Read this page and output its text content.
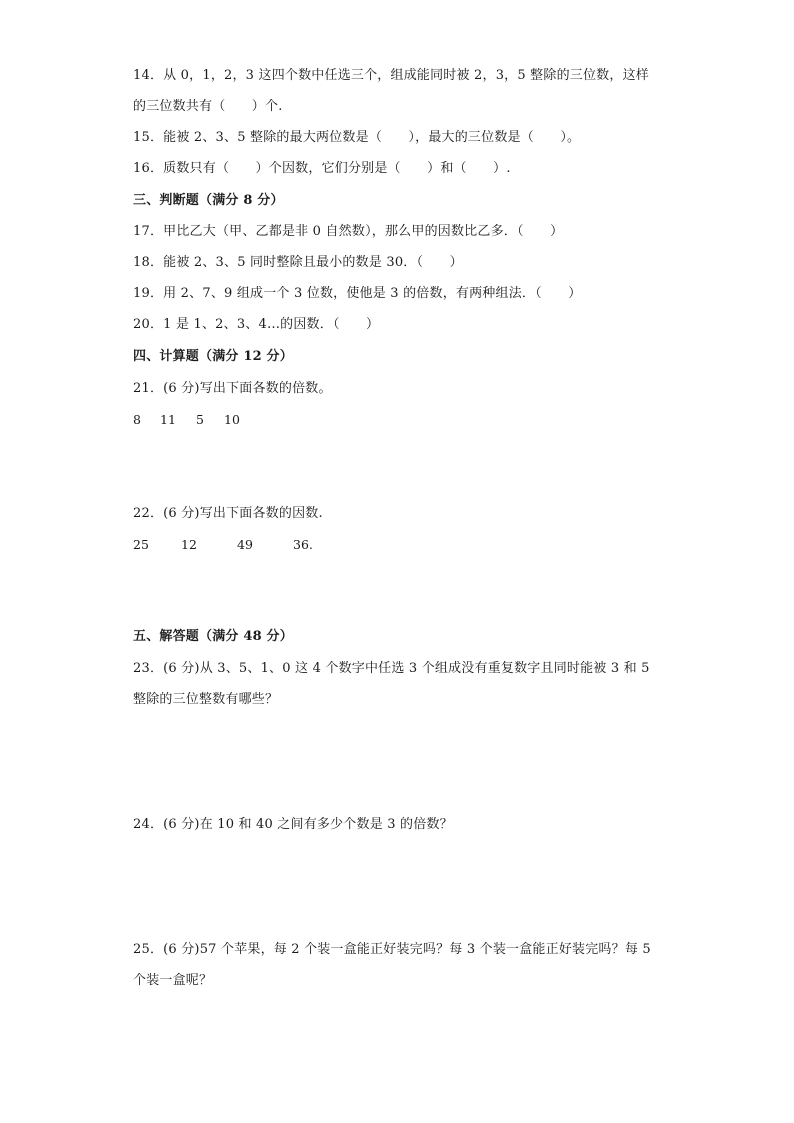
14．从 0，1，2，3 这四个数中任选三个，组成能同时被 2，3，5 整除的三位数，这样
的三位数共有（　　）个.
15．能被 2、3、5 整除的最大两位数是（　　），最大的三位数是（　　）。
16．质数只有（　　）个因数，它们分别是（　　）和（　　）.
三、判断题（满分 8 分）
17．甲比乙大（甲、乙都是非 0 自然数），那么甲的因数比乙多．（　　）
18．能被 2、3、5 同时整除且最小的数是 30．（　　）
19．用 2、7、9 组成一个 3 位数，使他是 3 的倍数，有两种组法．（　　）
20．1 是 1、2、3、4…的因数．（　　）
四、计算题（满分 12 分）
21．(6 分)写出下面各数的倍数。
8 11 5 10
22．(6 分)写出下面各数的因数.
25	12	49	36.
五、解答题（满分 48 分）
23．(6 分)从 3、5、1、0 这 4 个数字中任选 3 个组成没有重复数字且同时能被 3 和 5
整除的三位整数有哪些？
24．(6 分)在 10 和 40 之间有多少个数是 3 的倍数？
25．(6 分)57 个苹果，每 2 个装一盒能正好装完吗？每 3 个装一盒能正好装完吗？每 5
个装一盒呢？
